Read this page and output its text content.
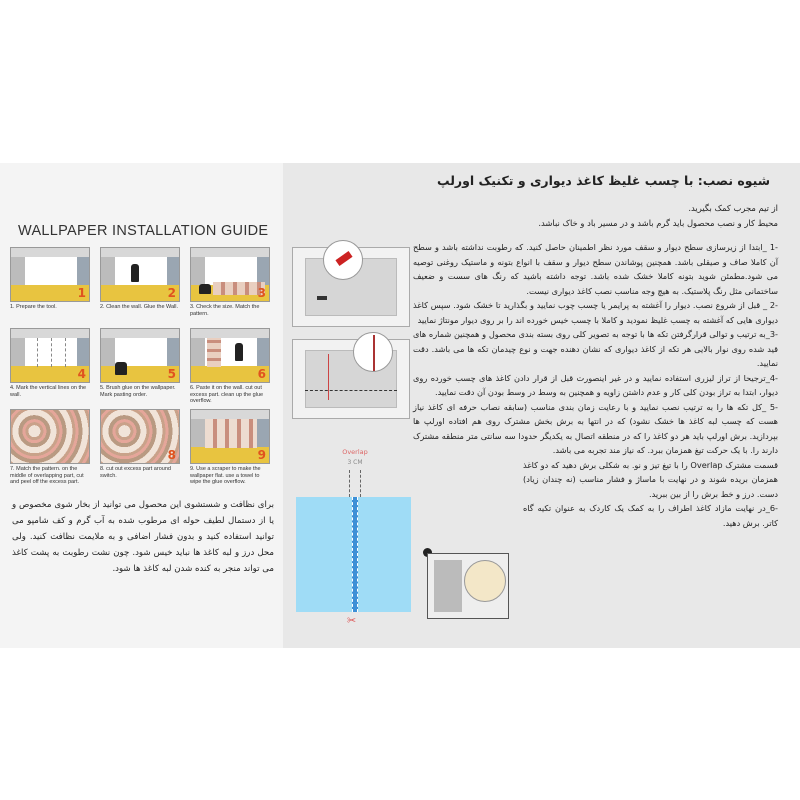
WALLPAPER INSTALLATION GUIDE
1
1. Prepare the tool.
2
2. Clean the wall. Glue the Wall.
3
3. Check the size. Match the pattern.
4
4. Mark the vertical lines on the wall.
5
5. Brush glue on the wallpaper. Mark pasting order.
6
6. Paste it on the wall. cut out excess part. clean up the glue overflow.
7. Match the pattern. on the middle of overlapping part, cut and peel off the excess part.
8
8. cut out excess part around switch.
9
9. Use a scraper to make the wallpaper flat. use a towel to wipe the glue overflow.
برای نظافت و شستشوی این محصول می توانید از بخار شوی مخصوص و یا از دستمال لطیف حوله ای مرطوب شده به آب گرم و کف شامپو می توانید استفاده کنید و بدون فشار اضافی و به ملایمت نظافت کنید. ولی محل درز و لبه کاغذ ها نباید خیس شود. چون نشت رطوبت به پشت کاغذ می تواند منجر به کنده شدن لبه کاغذ ها شود.
شیوه نصب: با چسب غلیظ کاغذ دیواری و تکنیک اورلپ
از تیم مجرب کمک بگیرید.
محیط کار و نصب محصول باید گرم باشد و در مسیر باد و خاک نباشد.
-1 _ابتدا از زیرسازی سطح دیوار و سقف مورد نظر اطمینان حاصل کنید. که رطوبت نداشته باشد و سطح آن کاملا صاف و صیقلی باشد. همچنین پوشاندن سطح دیوار و سقف با انواع بتونه و ماستیک روغنی توصیه می شود.مطمئن شوید بتونه کاملا خشک شده باشد. توجه داشته باشید که رنگ های سست و ضعیف ساختمانی مثل رنگ پلاستیک. به هیچ وجه مناسب نصب کاغذ دیواری نیست.
-2 _ قبل از شروع نصب. دیوار را آغشته به پرایمر یا چسب چوب نمایید و بگذارید تا خشک شود. سپس کاغذ دیواری هایی که آغشته به چسب غلیظ نمودید و کاملا با چسب خیس خورده اند را بر روی دیوار مونتاژ نمایید
-3_به ترتیب و توالی قرارگرفتن تکه ها با توجه به تصویر کلی روی بسته بندی محصول و همچنین شماره های قید شده روی نوار بالایی هر تکه از کاغذ دیواری که نشان دهنده جهت و نوع چیدمان تکه ها می باشد. دقت نمایید.
-4_ترجیحا از تراز لیزری استفاده نمایید و در غیر اینصورت قبل از قرار دادن کاغذ های چسب خورده روی دیوار، ابتدا به تراز بودن کلی کار و عدم داشتن زاویه و همچنین به وسط در وسط بودن آن دقت نمایید.
-5 _کل تکه ها را به ترتیب نصب نمایید و با رعایت زمان بندی مناسب (سابقه نصاب حرفه ای کاغذ نیاز هست که چسب لبه کاغذ ها خشک نشود) که در انتها به برش بخش مشترک روی هم افتاده اورلپ ها بپردازید. برش اورلپ باید هر دو کاغذ را که در منطقه اتصال به یکدیگر حدودا سه سانتی متر منطقه مشترک دارند را. با یک حرکت تیغ همزمان ببرد. که نیاز مند تجربه می باشد.
قسمت مشترک Overlap را با تیغ تیز و نو. به شکلی برش دهید که دو کاغذ همزمان بریده شوند و در نهایت با ماساژ و فشار مناسب (نه چندان زیاد) دست. درز و خط برش را از بین ببرید.
-6_در نهایت مازاد کاغذ اطراف را به کمک یک کاردک به عنوان تکیه گاه کاتر. برش دهید.
Overlap
3 CM
✂
